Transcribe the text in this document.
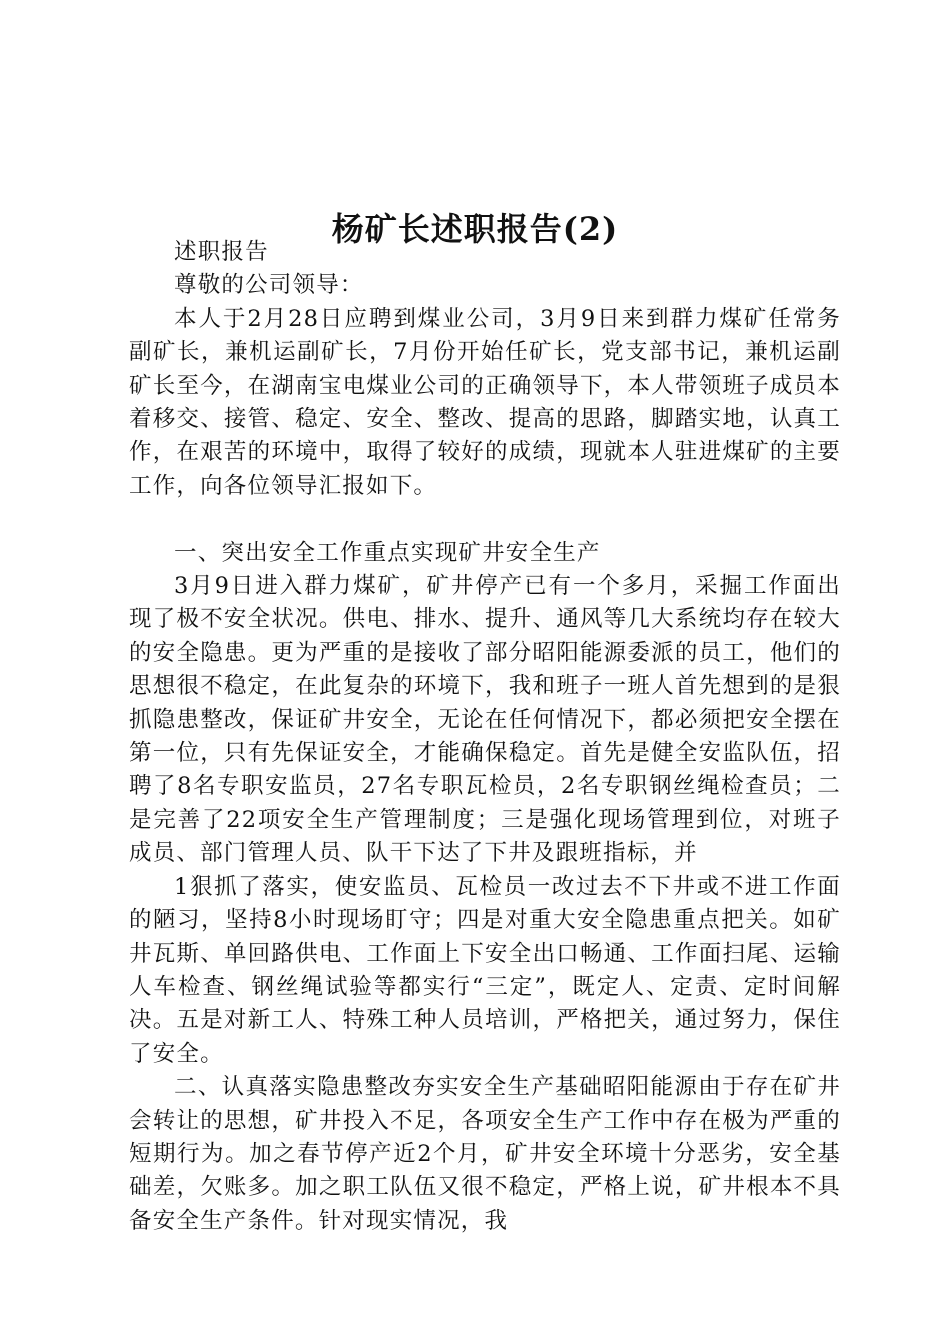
杨矿长述职报告(2)

述职报告

尊敬的公司领导：

本人于2月28日应聘到煤业公司，3月9日来到群力煤矿任常务副矿长，兼机运副矿长，7月份开始任矿长，党支部书记，兼机运副矿长至今，在湖南宝电煤业公司的正确领导下，本人带领班子成员本着移交、接管、稳定、安全、整改、提高的思路，脚踏实地，认真工作，在艰苦的环境中，取得了较好的成绩，现就本人驻进煤矿的主要工作，向各位领导汇报如下。

一、突出安全工作重点实现矿井安全生产

3月9日进入群力煤矿，矿井停产已有一个多月，采掘工作面出现了极不安全状况。供电、排水、提升、通风等几大系统均存在较大的安全隐患。更为严重的是接收了部分昭阳能源委派的员工，他们的思想很不稳定，在此复杂的环境下，我和班子一班人首先想到的是狠抓隐患整改，保证矿井安全，无论在任何情况下，都必须把安全摆在第一位，只有先保证安全，才能确保稳定。首先是健全安监队伍，招聘了8名专职安监员，27名专职瓦检员，2名专职钢丝绳检查员；二是完善了22项安全生产管理制度；三是强化现场管理到位，对班子成员、部门管理人员、队干下达了下井及跟班指标，并

1狠抓了落实，使安监员、瓦检员一改过去不下井或不进工作面的陋习，坚持8小时现场盯守；四是对重大安全隐患重点把关。如矿井瓦斯、单回路供电、工作面上下安全出口畅通、工作面扫尾、运输人车检查、钢丝绳试验等都实行“三定”，既定人、定责、定时间解决。五是对新工人、特殊工种人员培训，严格把关，通过努力，保住了安全。

二、认真落实隐患整改夯实安全生产基础昭阳能源由于存在矿井会转让的思想，矿井投入不足，各项安全生产工作中存在极为严重的短期行为。加之春节停产近2个月，矿井安全环境十分恶劣，安全基础差，欠账多。加之职工队伍又很不稳定，严格上说，矿井根本不具备安全生产条件。针对现实情况，我
